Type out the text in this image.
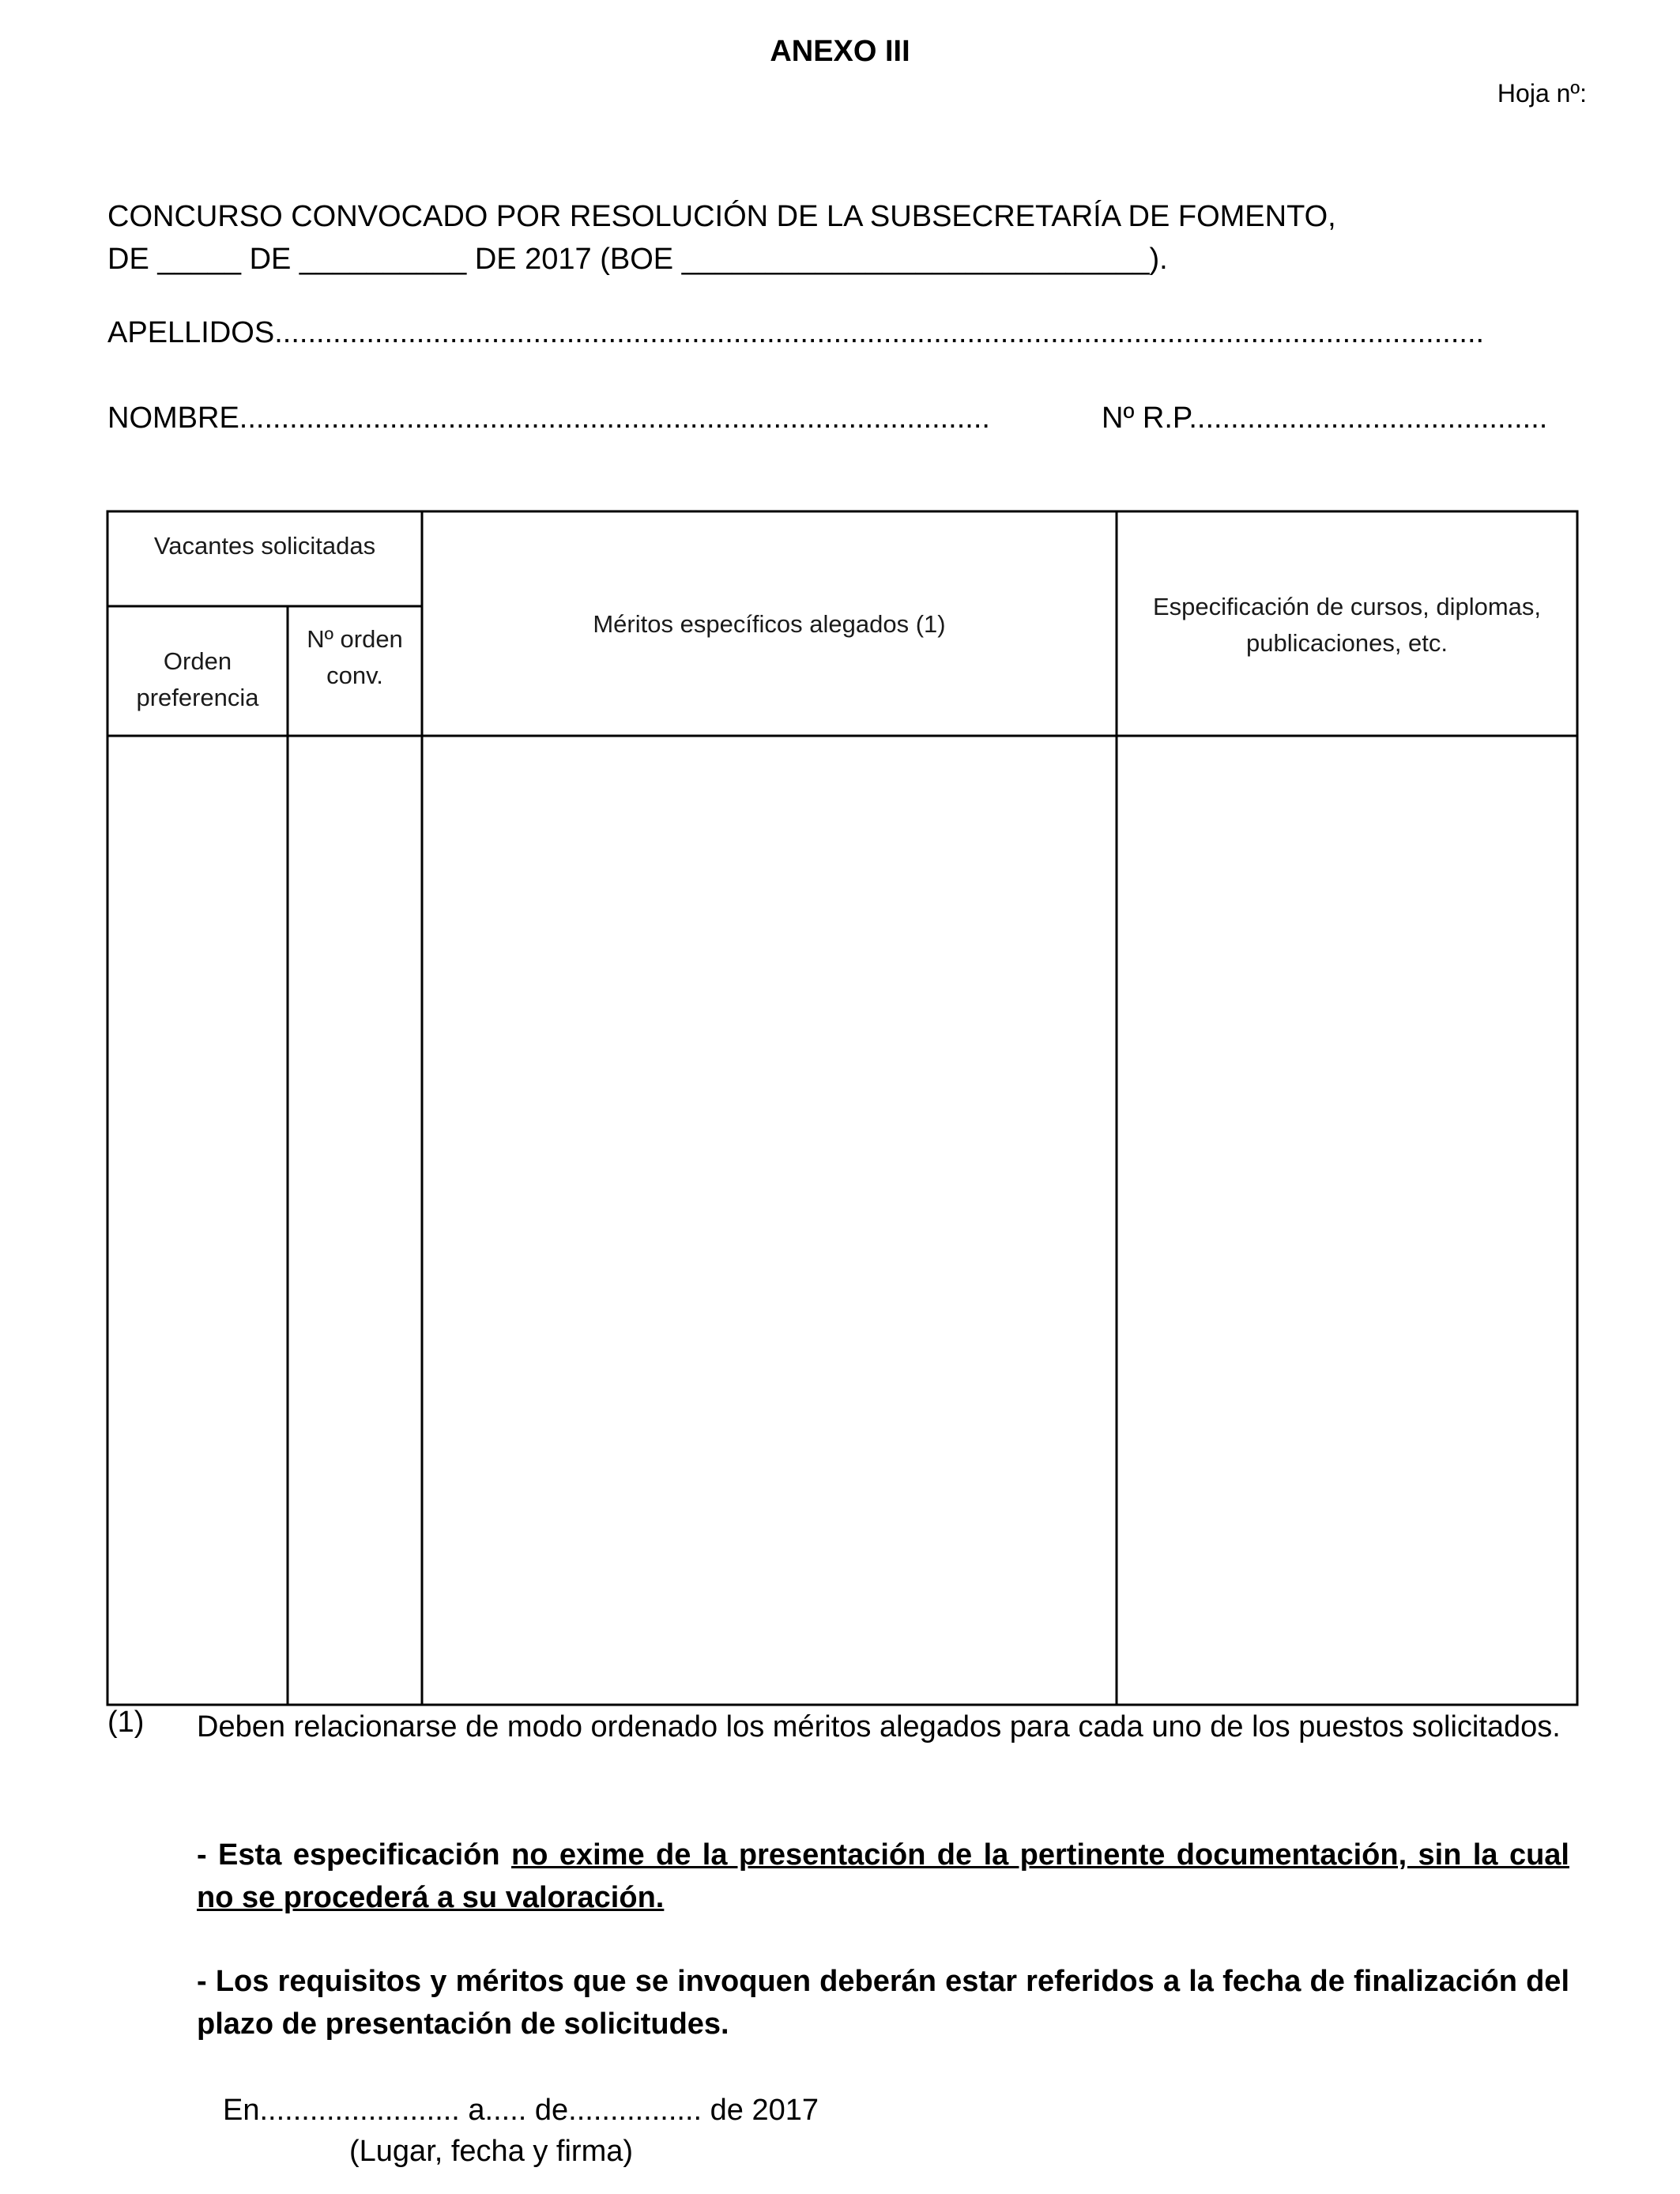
ANEXO III
Hoja nº:
CONCURSO CONVOCADO POR RESOLUCIÓN DE LA SUBSECRETARÍA DE FOMENTO,
DE _____ DE __________ DE 2017 (BOE ____________________________).
APELLIDOS.................................................................................................................................................
NOMBRE..........................................................................................	Nº R.P...........................................
Vacantes solicitadas
Orden preferencia
Nº orden conv.
Méritos específicos alegados (1)
Especificación de cursos, diplomas, publicaciones, etc.
(1) Deben relacionarse de modo ordenado los méritos alegados para cada uno de los puestos solicitados.
- Esta especificación no exime de la presentación de la pertinente documentación, sin la cual no se procederá a su valoración.
- Los requisitos y méritos que se invoquen deberán estar referidos a la fecha de finalización del plazo de presentación de solicitudes.
En........................ a..... de................ de 2017
(Lugar, fecha y firma)
